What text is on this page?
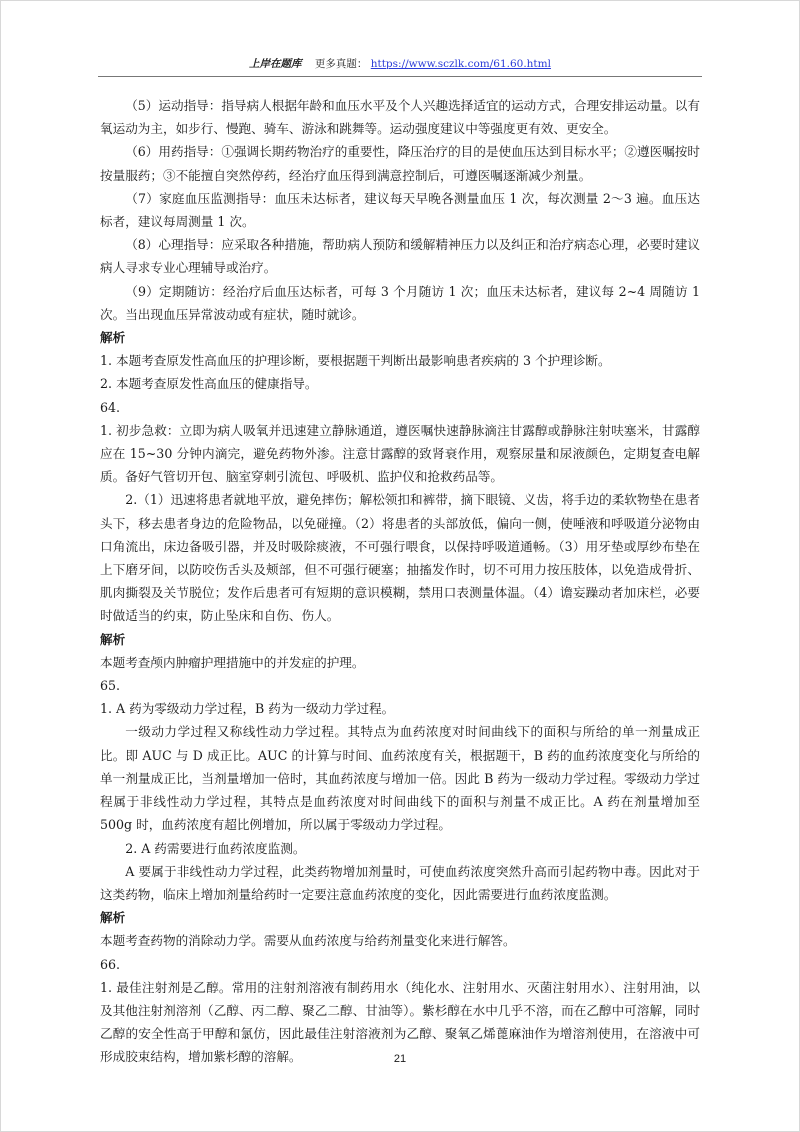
上岸在题库 更多真题： https://www.sczlk.com/61.60.html

（5）运动指导：指导病人根据年龄和血压水平及个人兴趣选择适宜的运动方式，合理安排运动量。以有氧运动为主，如步行、慢跑、骑车、游泳和跳舞等。运动强度建议中等强度更有效、更安全。

（6）用药指导：①强调长期药物治疗的重要性，降压治疗的目的是使血压达到目标水平；②遵医嘱按时按量服药；③不能擅自突然停药，经治疗血压得到满意控制后，可遵医嘱逐渐减少剂量。

（7）家庭血压监测指导：血压未达标者，建议每天早晚各测量血压 1 次，每次测量 2～3 遍。血压达标者，建议每周测量 1 次。

（8）心理指导：应采取各种措施，帮助病人预防和缓解精神压力以及纠正和治疗病态心理，必要时建议病人寻求专业心理辅导或治疗。

（9）定期随访：经治疗后血压达标者，可每 3 个月随访 1 次；血压未达标者，建议每 2~4 周随访 1 次。当出现血压异常波动或有症状，随时就诊。

解析

1. 本题考查原发性高血压的护理诊断，要根据题干判断出最影响患者疾病的 3 个护理诊断。

2. 本题考查原发性高血压的健康指导。

64.

1. 初步急救：立即为病人吸氧并迅速建立静脉通道，遵医嘱快速静脉滴注甘露醇或静脉注射呋塞米，甘露醇应在 15~30 分钟内滴完，避免药物外渗。注意甘露醇的致肾衰作用，观察尿量和尿液颜色，定期复查电解质。备好气管切开包、脑室穿刺引流包、呼吸机、监护仪和抢救药品等。

2.（1）迅速将患者就地平放，避免摔伤；解松领扣和裤带，摘下眼镜、义齿，将手边的柔软物垫在患者头下，移去患者身边的危险物品，以免碰撞。（2）将患者的头部放低，偏向一侧，使唾液和呼吸道分泌物由口角流出，床边备吸引器，并及时吸除痰液，不可强行喂食，以保持呼吸道通畅。（3）用牙垫或厚纱布垫在上下磨牙间，以防咬伤舌头及颊部，但不可强行硬塞；抽搐发作时，切不可用力按压肢体，以免造成骨折、肌肉撕裂及关节脱位；发作后患者可有短期的意识模糊，禁用口表测量体温。（4）谵妄躁动者加床栏，必要时做适当的约束，防止坠床和自伤、伤人。

解析

本题考查颅内肿瘤护理措施中的并发症的护理。

65.

1. A 药为零级动力学过程，B 药为一级动力学过程。

一级动力学过程又称线性动力学过程。其特点为血药浓度对时间曲线下的面积与所给的单一剂量成正比。即 AUC 与 D 成正比。AUC 的计算与时间、血药浓度有关，根据题干，B 药的血药浓度变化与所给的单一剂量成正比，当剂量增加一倍时，其血药浓度与增加一倍。因此 B 药为一级动力学过程。零级动力学过程属于非线性动力学过程，其特点是血药浓度对时间曲线下的面积与剂量不成正比。A 药在剂量增加至 500g 时，血药浓度有超比例增加，所以属于零级动力学过程。

2. A 药需要进行血药浓度监测。

A 要属于非线性动力学过程，此类药物增加剂量时，可使血药浓度突然升高而引起药物中毒。因此对于这类药物，临床上增加剂量给药时一定要注意血药浓度的变化，因此需要进行血药浓度监测。

解析

本题考查药物的消除动力学。需要从血药浓度与给药剂量变化来进行解答。

66.

1. 最佳注射剂是乙醇。常用的注射剂溶液有制药用水（纯化水、注射用水、灭菌注射用水）、注射用油，以及其他注射剂溶剂（乙醇、丙二醇、聚乙二醇、甘油等）。紫杉醇在水中几乎不溶，而在乙醇中可溶解，同时乙醇的安全性高于甲醇和氯仿，因此最佳注射溶液剂为乙醇、聚氧乙烯蓖麻油作为增溶剂使用，在溶液中可形成胶束结构，增加紫杉醇的溶解。	21
